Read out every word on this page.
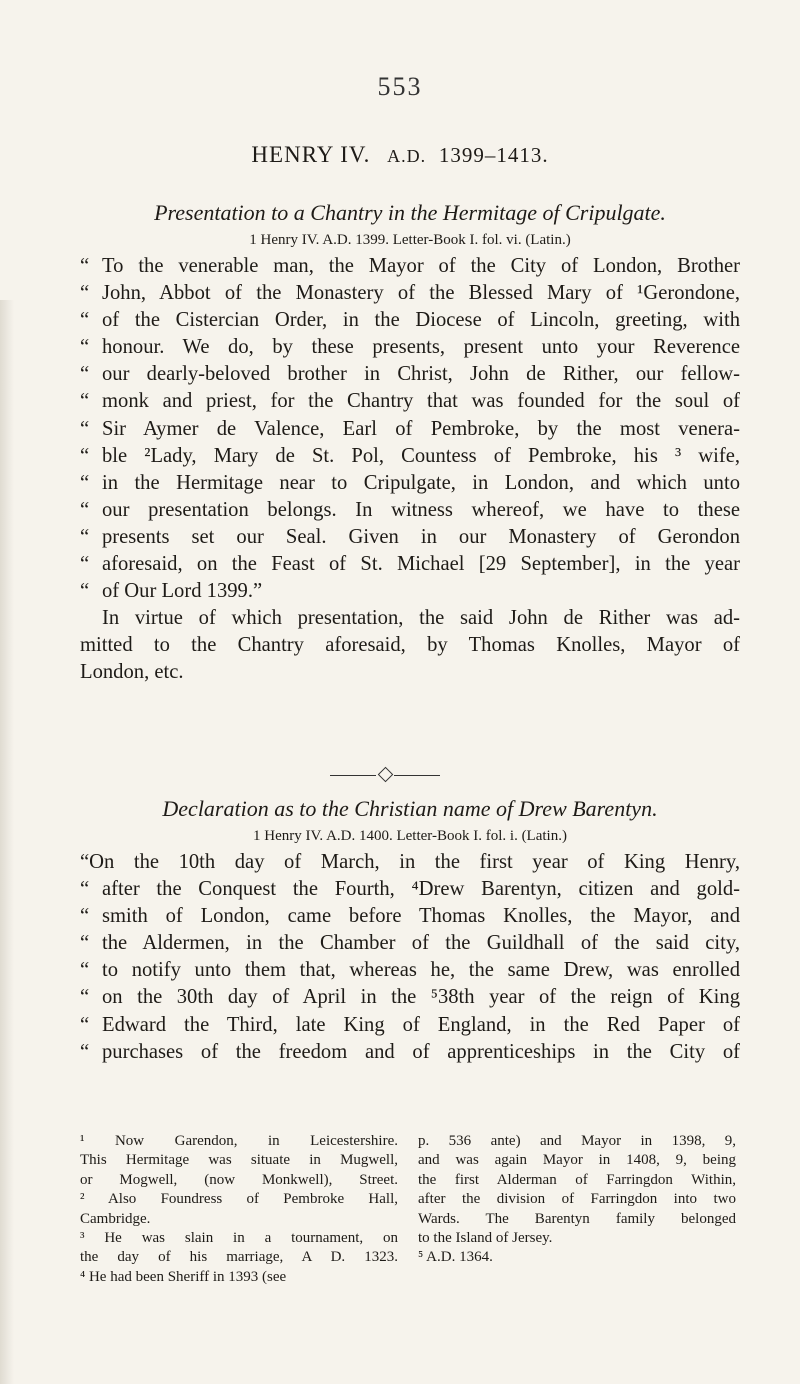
553
HENRY IV. A.D. 1399–1413.

Presentation to a Chantry in the Hermitage of Cripulgate.

1 Henry IV. A.D. 1399. Letter-Book I. fol. vi. (Latin.)
“ To the venerable man, the Mayor of the City of London, Brother
“ John, Abbot of the Monastery of the Blessed Mary of ¹Gerondone,
“ of the Cistercian Order, in the Diocese of Lincoln, greeting, with
“ honour. We do, by these presents, present unto your Reverence
“ our dearly-beloved brother in Christ, John de Rither, our fellow-
“ monk and priest, for the Chantry that was founded for the soul of
“ Sir Aymer de Valence, Earl of Pembroke, by the most venera-
“ ble ²Lady, Mary de St. Pol, Countess of Pembroke, his ³ wife,
“ in the Hermitage near to Cripulgate, in London, and which unto
“ our presentation belongs. In witness whereof, we have to these
“ presents set our Seal. Given in our Monastery of Gerondon
“ aforesaid, on the Feast of St. Michael [29 September], in the year
“ of Our Lord 1399.”
In virtue of which presentation, the said John de Rither was ad-
mitted to the Chantry aforesaid, by Thomas Knolles, Mayor of
London, etc.

Declaration as to the Christian name of Drew Barentyn.

1 Henry IV. A.D. 1400. Letter-Book I. fol. i. (Latin.)
“On the 10th day of March, in the first year of King Henry,
“ after the Conquest the Fourth, ⁴Drew Barentyn, citizen and gold-
“ smith of London, came before Thomas Knolles, the Mayor, and
“ the Aldermen, in the Chamber of the Guildhall of the said city,
“ to notify unto them that, whereas he, the same Drew, was enrolled
“ on the 30th day of April in the ⁵38th year of the reign of King
“ Edward the Third, late King of England, in the Red Paper of
“ purchases of the freedom and of apprenticeships in the City of
¹ Now Garendon, in Leicestershire.
This Hermitage was situate in Mugwell,
or Mogwell, (now Monkwell), Street.
² Also Foundress of Pembroke Hall,
Cambridge.
³ He was slain in a tournament, on
the day of his marriage, A D. 1323.
⁴ He had been Sheriff in 1393 (see
p. 536 ante) and Mayor in 1398, 9,
and was again Mayor in 1408, 9, being
the first Alderman of Farringdon Within,
after the division of Farringdon into two
Wards. The Barentyn family belonged
to the Island of Jersey.
⁵ A.D. 1364.
